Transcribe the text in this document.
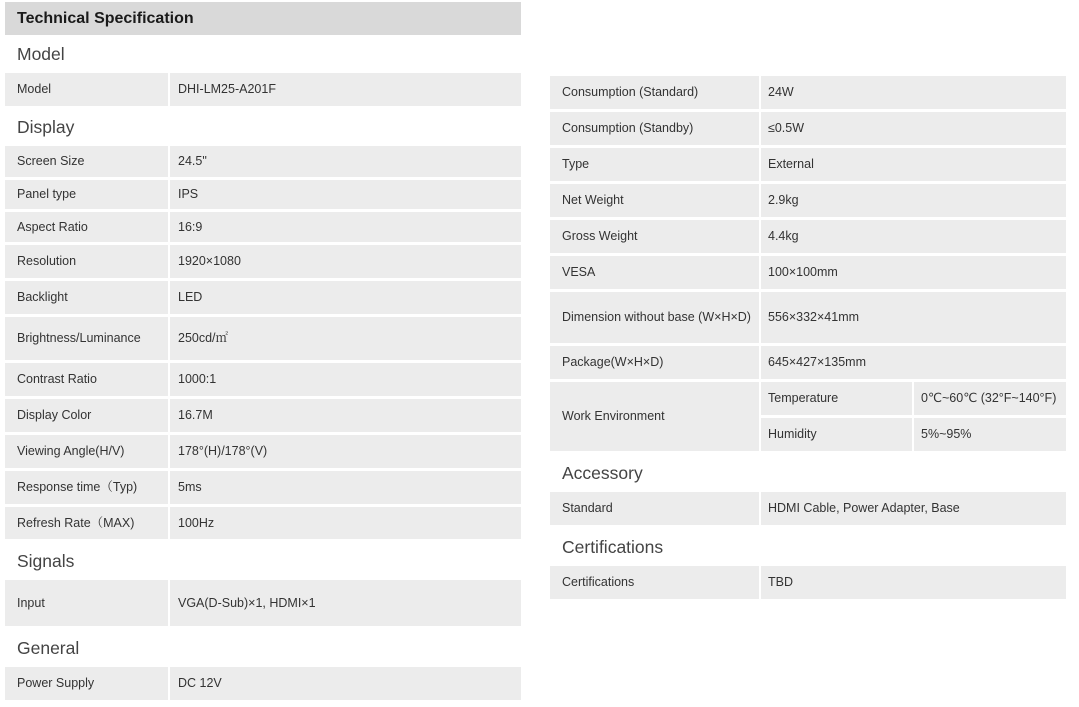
Technical Specification
Model
Model	DHI-LM25-A201F
Display
Screen Size	24.5"
Panel type	IPS
Aspect Ratio	16:9
Resolution	1920×1080
Backlight	LED
Brightness/Luminance	250cd/㎡
Contrast Ratio	1000:1
Display Color	16.7M
Viewing Angle(H/V)	178°(H)/178°(V)
Response time（Typ)	5ms
Refresh Rate（MAX)	100Hz
Signals
Input	VGA(D-Sub)×1, HDMI×1
General
Power Supply	DC 12V
Consumption (Standard)	24W
Consumption (Standby)	≤0.5W
Type	External
Net Weight	2.9kg
Gross Weight	4.4kg
VESA	100×100mm
Dimension without base (W×H×D)	556×332×41mm
Package(W×H×D)	645×427×135mm
Work Environment
Temperature	0℃~60℃ (32°F~140°F)
Humidity	5%~95%
Accessory
Standard	HDMI Cable, Power Adapter, Base
Certifications
Certifications	TBD
